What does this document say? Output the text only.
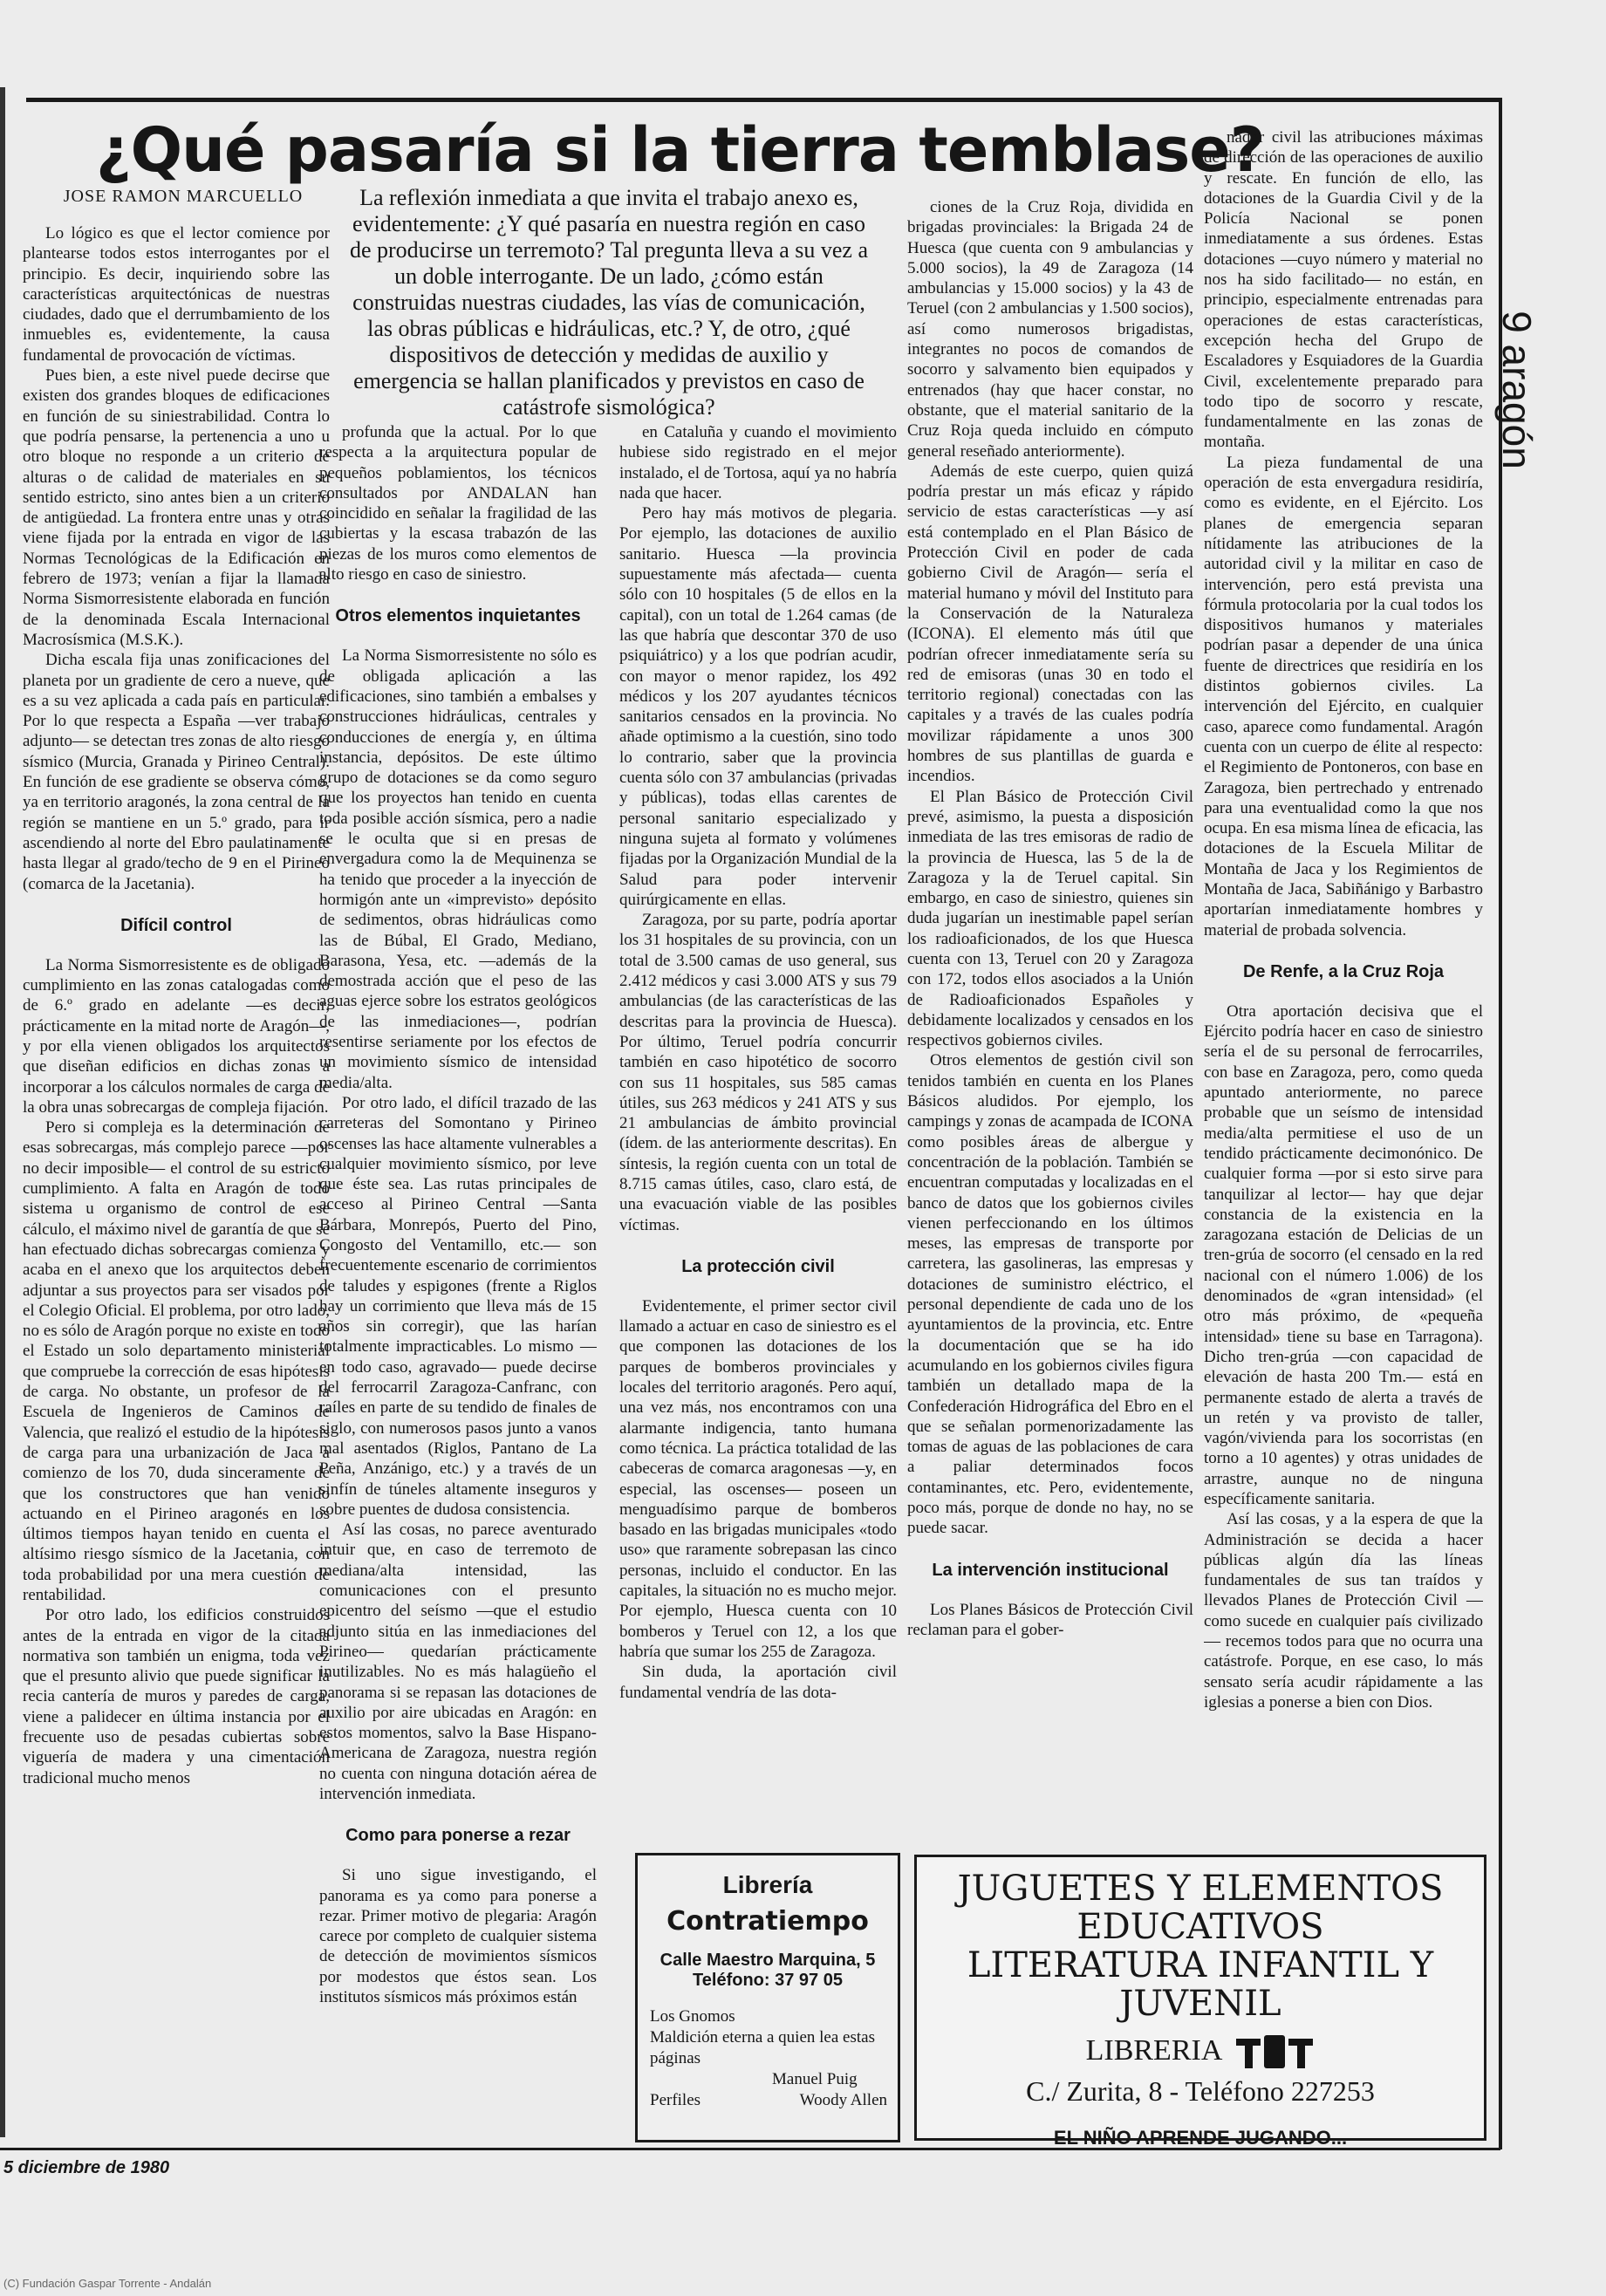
¿Qué pasaría si la tierra temblase?
JOSE RAMON MARCUELLO	La reflexión inmediata a que invita el trabajo anexo es, evidentemente: ¿Y qué pasaría en nuestra región en caso de producirse un terremoto? Tal pregunta lleva a su vez a un doble interrogante. De un lado, ¿cómo están construidas nuestras ciudades, las vías de comunicación, las obras públicas e hidráulicas, etc.? Y, de otro, ¿qué dispositivos de detección y medidas de auxilio y emergencia se hallan planificados y previstos en caso de catástrofe sismológica?	9 aragón

Lo lógico es que el lector comience por plantearse todos estos interrogantes por el principio. Es decir, inquiriendo sobre las características arquitectónicas de nuestras ciudades, dado que el derrumbamiento de los inmuebles es, evidentemente, la causa fundamental de provocación de víctimas.

Pues bien, a este nivel puede decirse que existen dos grandes bloques de edificaciones en función de su siniestrabilidad. Contra lo que podría pensarse, la pertenencia a uno u otro bloque no responde a un criterio de alturas o de calidad de materiales en su sentido estricto, sino antes bien a un criterio de antigüedad. La frontera entre unas y otras viene fijada por la entrada en vigor de las Normas Tecnológicas de la Edificación en febrero de 1973; venían a fijar la llamada Norma Sismorresistente elaborada en función de la denominada Escala Internacional Macrosísmica (M.S.K.).

Dicha escala fija unas zonificaciones del planeta por un gradiente de cero a nueve, que es a su vez aplicada a cada país en particular. Por lo que respecta a España —ver trabajo adjunto— se detectan tres zonas de alto riesgo sísmico (Murcia, Granada y Pirineo Central). En función de ese gradiente se observa cómo, ya en territorio aragonés, la zona central de la región se mantiene en un 5.º grado, para ir ascendiendo al norte del Ebro paulatinamente hasta llegar al grado/techo de 9 en el Pirineo (comarca de la Jacetania).

Difícil control

La Norma Sismorresistente es de obligado cumplimiento en las zonas catalogadas como de 6.º grado en adelante —es decir, prácticamente en la mitad norte de Aragón—, y por ella vienen obligados los arquitectos que diseñan edificios en dichas zonas a incorporar a los cálculos normales de carga de la obra unas sobrecargas de compleja fijación.

Pero si compleja es la determinación de esas sobrecargas, más complejo parece —por no decir imposible— el control de su estricto cumplimiento. A falta en Aragón de todo sistema u organismo de control de ese cálculo, el máximo nivel de garantía de que se han efectuado dichas sobrecargas comienza y acaba en el anexo que los arquitectos deben adjuntar a sus proyectos para ser visados por el Colegio Oficial. El problema, por otro lado, no es sólo de Aragón porque no existe en todo el Estado un solo departamento ministerial que compruebe la corrección de esas hipótesis de carga. No obstante, un profesor de la Escuela de Ingenieros de Caminos de Valencia, que realizó el estudio de la hipótesis de carga para una urbanización de Jaca a comienzo de los 70, duda sinceramente de que los constructores que han venido actuando en el Pirineo aragonés en los últimos tiempos hayan tenido en cuenta el altísimo riesgo sísmico de la Jacetania, con toda probabilidad por una mera cuestión de rentabilidad.

Por otro lado, los edificios construidos antes de la entrada en vigor de la citada normativa son también un enigma, toda vez que el presunto alivio que puede significar la recia cantería de muros y paredes de carga, viene a palidecer en última instancia por el frecuente uso de pesadas cubiertas sobre viguería de madera y una cimentación tradicional mucho menos

profunda que la actual. Por lo que respecta a la arquitectura popular de pequeños poblamientos, los técnicos consultados por ANDALAN han coincidido en señalar la fragilidad de las cubiertas y la escasa trabazón de las piezas de los muros como elementos de alto riesgo en caso de siniestro.

Otros elementos inquietantes

La Norma Sismorresistente no sólo es de obligada aplicación a las edificaciones, sino también a embalses y construcciones hidráulicas, centrales y conducciones de energía y, en última instancia, depósitos. De este último grupo de dotaciones se da como seguro que los proyectos han tenido en cuenta toda posible acción sísmica, pero a nadie se le oculta que si en presas de envergadura como la de Mequinenza se ha tenido que proceder a la inyección de hormigón ante un «imprevisto» depósito de sedimentos, obras hidráulicas como las de Búbal, El Grado, Mediano, Barasona, Yesa, etc. —además de la demostrada acción que el peso de las aguas ejerce sobre los estratos geológicos de las inmediaciones—, podrían resentirse seriamente por los efectos de un movimiento sísmico de intensidad media/alta.

Por otro lado, el difícil trazado de las carreteras del Somontano y Pirineo oscenses las hace altamente vulnerables a cualquier movimiento sísmico, por leve que éste sea. Las rutas principales de acceso al Pirineo Central —Santa Bárbara, Monrepós, Puerto del Pino, Congosto del Ventamillo, etc.— son frecuentemente escenario de corrimientos de taludes y espigones (frente a Riglos hay un corrimiento que lleva más de 15 años sin corregir), que las harían totalmente impracticables. Lo mismo —en todo caso, agravado— puede decirse del ferrocarril Zaragoza-Canfranc, con raíles en parte de su tendido de finales de siglo, con numerosos pasos junto a vanos mal asentados (Riglos, Pantano de La Peña, Anzánigo, etc.) y a través de un sinfín de túneles altamente inseguros y sobre puentes de dudosa consistencia.

Así las cosas, no parece aventurado intuir que, en caso de terremoto de mediana/alta intensidad, las comunicaciones con el presunto epicentro del seísmo —que el estudio adjunto sitúa en las inmediaciones del Pirineo— quedarían prácticamente inutilizables. No es más halagüeño el panorama si se repasan las dotaciones de auxilio por aire ubicadas en Aragón: en estos momentos, salvo la Base Hispano-Americana de Zaragoza, nuestra región no cuenta con ninguna dotación aérea de intervención inmediata.

Como para ponerse a rezar

Si uno sigue investigando, el panorama es ya como para ponerse a rezar. Primer motivo de plegaria: Aragón carece por completo de cualquier sistema de detección de movimientos sísmicos por modestos que éstos sean. Los institutos sísmicos más próximos están

en Cataluña y cuando el movimiento hubiese sido registrado en el mejor instalado, el de Tortosa, aquí ya no habría nada que hacer.

Pero hay más motivos de plegaria. Por ejemplo, las dotaciones de auxilio sanitario. Huesca —la provincia supuestamente más afectada— cuenta sólo con 10 hospitales (5 de ellos en la capital), con un total de 1.264 camas (de las que habría que descontar 370 de uso psiquiátrico) y a los que podrían acudir, con mayor o menor rapidez, los 492 médicos y los 207 ayudantes técnicos sanitarios censados en la provincia. No añade optimismo a la cuestión, sino todo lo contrario, saber que la provincia cuenta sólo con 37 ambulancias (privadas y públicas), todas ellas carentes de personal sanitario especializado y ninguna sujeta al formato y volúmenes fijadas por la Organización Mundial de la Salud para poder intervenir quirúrgicamente en ellas.

Zaragoza, por su parte, podría aportar los 31 hospitales de su provincia, con un total de 3.500 camas de uso general, sus 2.412 médicos y casi 3.000 ATS y sus 79 ambulancias (de las características de las descritas para la provincia de Huesca). Por último, Teruel podría concurrir también en caso hipotético de socorro con sus 11 hospitales, sus 585 camas útiles, sus 263 médicos y 241 ATS y sus 21 ambulancias de ámbito provincial (ídem. de las anteriormente descritas). En síntesis, la región cuenta con un total de 8.715 camas útiles, caso, claro está, de una evacuación viable de las posibles víctimas.

La protección civil

Evidentemente, el primer sector civil llamado a actuar en caso de siniestro es el que componen las dotaciones de los parques de bomberos provinciales y locales del territorio aragonés. Pero aquí, una vez más, nos encontramos con una alarmante indigencia, tanto humana como técnica. La práctica totalidad de las cabeceras de comarca aragonesas —y, en especial, las oscenses— poseen un menguadísimo parque de bomberos basado en las brigadas municipales «todo uso» que raramente sobrepasan las cinco personas, incluido el conductor. En las capitales, la situación no es mucho mejor. Por ejemplo, Huesca cuenta con 10 bomberos y Teruel con 12, a los que habría que sumar los 255 de Zaragoza.

Sin duda, la aportación civil fundamental vendría de las dota-

ciones de la Cruz Roja, dividida en brigadas provinciales: la Brigada 24 de Huesca (que cuenta con 9 ambulancias y 5.000 socios), la 49 de Zaragoza (14 ambulancias y 15.000 socios) y la 43 de Teruel (con 2 ambulancias y 1.500 socios), así como numerosos brigadistas, integrantes no pocos de comandos de socorro y salvamento bien equipados y entrenados (hay que hacer constar, no obstante, que el material sanitario de la Cruz Roja queda incluido en cómputo general reseñado anteriormente).

Además de este cuerpo, quien quizá podría prestar un más eficaz y rápido servicio de estas características —y así está contemplado en el Plan Básico de Protección Civil en poder de cada gobierno Civil de Aragón— sería el material humano y móvil del Instituto para la Conservación de la Naturaleza (ICONA). El elemento más útil que podrían ofrecer inmediatamente sería su red de emisoras (unas 30 en todo el territorio regional) conectadas con las capitales y a través de las cuales podría movilizar rápidamente a unos 300 hombres de sus plantillas de guarda e incendios.

El Plan Básico de Protección Civil prevé, asimismo, la puesta a disposición inmediata de las tres emisoras de radio de la provincia de Huesca, las 5 de la de Zaragoza y la de Teruel capital. Sin embargo, en caso de siniestro, quienes sin duda jugarían un inestimable papel serían los radioaficionados, de los que Huesca cuenta con 13, Teruel con 20 y Zaragoza con 172, todos ellos asociados a la Unión de Radioaficionados Españoles y debidamente localizados y censados en los respectivos gobiernos civiles.

Otros elementos de gestión civil son tenidos también en cuenta en los Planes Básicos aludidos. Por ejemplo, los campings y zonas de acampada de ICONA como posibles áreas de albergue y concentración de la población. También se encuentran computadas y localizadas en el banco de datos que los gobiernos civiles vienen perfeccionando en los últimos meses, las empresas de transporte por carretera, las gasolineras, las empresas y dotaciones de suministro eléctrico, el personal dependiente de cada uno de los ayuntamientos de la provincia, etc. Entre la documentación que se ha ido acumulando en los gobiernos civiles figura también un detallado mapa de la Confederación Hidrográfica del Ebro en el que se señalan pormenorizadamente las tomas de aguas de las poblaciones de cara a paliar determinados focos contaminantes, etc. Pero, evidentemente, poco más, porque de donde no hay, no se puede sacar.

La intervención institucional

Los Planes Básicos de Protección Civil reclaman para el gober-

nador civil las atribuciones máximas de dirección de las operaciones de auxilio y rescate. En función de ello, las dotaciones de la Guardia Civil y de la Policía Nacional se ponen inmediatamente a sus órdenes. Estas dotaciones —cuyo número y material no nos ha sido facilitado— no están, en principio, especialmente entrenadas para operaciones de estas características, excepción hecha del Grupo de Escaladores y Esquiadores de la Guardia Civil, excelentemente preparado para todo tipo de socorro y rescate, fundamentalmente en las zonas de montaña.

La pieza fundamental de una operación de esta envergadura residiría, como es evidente, en el Ejército. Los planes de emergencia separan nítidamente las atribuciones de la autoridad civil y la militar en caso de intervención, pero está prevista una fórmula protocolaria por la cual todos los dispositivos humanos y materiales podrían pasar a depender de una única fuente de directrices que residiría en los distintos gobiernos civiles. La intervención del Ejército, en cualquier caso, aparece como fundamental. Aragón cuenta con un cuerpo de élite al respecto: el Regimiento de Pontoneros, con base en Zaragoza, bien pertrechado y entrenado para una eventualidad como la que nos ocupa. En esa misma línea de eficacia, las dotaciones de la Escuela Militar de Montaña de Jaca y los Regimientos de Montaña de Jaca, Sabiñánigo y Barbastro aportarían inmediatamente hombres y material de probada solvencia.

De Renfe, a la Cruz Roja

Otra aportación decisiva que el Ejército podría hacer en caso de siniestro sería el de su personal de ferrocarriles, con base en Zaragoza, pero, como queda apuntado anteriormente, no parece probable que un seísmo de intensidad media/alta permitiese el uso de un tendido prácticamente decimonónico. De cualquier forma —por si esto sirve para tanquilizar al lector— hay que dejar constancia de la existencia en la zaragozana estación de Delicias de un tren-grúa de socorro (el censado en la red nacional con el número 1.006) de los denominados de «gran intensidad» (el otro más próximo, de «pequeña intensidad» tiene su base en Tarragona). Dicho tren-grúa —con capacidad de elevación de hasta 200 Tm.— está en permanente estado de alerta a través de un retén y va provisto de taller, vagón/vivienda para los socorristas (en torno a 10 agentes) y otras unidades de arrastre, aunque no de ninguna específicamente sanitaria.

Así las cosas, y a la espera de que la Administración se decida a hacer públicas algún día las líneas fundamentales de sus tan traídos y llevados Planes de Protección Civil —como sucede en cualquier país civilizado— recemos todos para que no ocurra una catástrofe. Porque, en ese caso, lo más sensato sería acudir rápidamente a las iglesias a ponerse a bien con Dios.

Librería
Contratiempo
Calle Maestro Marquina, 5
Teléfono: 37 97 05
Los Gnomos
Maldición eterna a quien lea estas páginas
Manuel Puig
Perfiles	Woody Allen
JUGUETES Y ELEMENTOS
EDUCATIVOS
LITERATURA INFANTIL Y
JUVENIL
LIBRERIA
C./ Zurita, 8 - Teléfono 227253
EL NIÑO APRENDE JUGANDO...
5 diciembre de 1980
(C) Fundación Gaspar Torrente - Andalán
